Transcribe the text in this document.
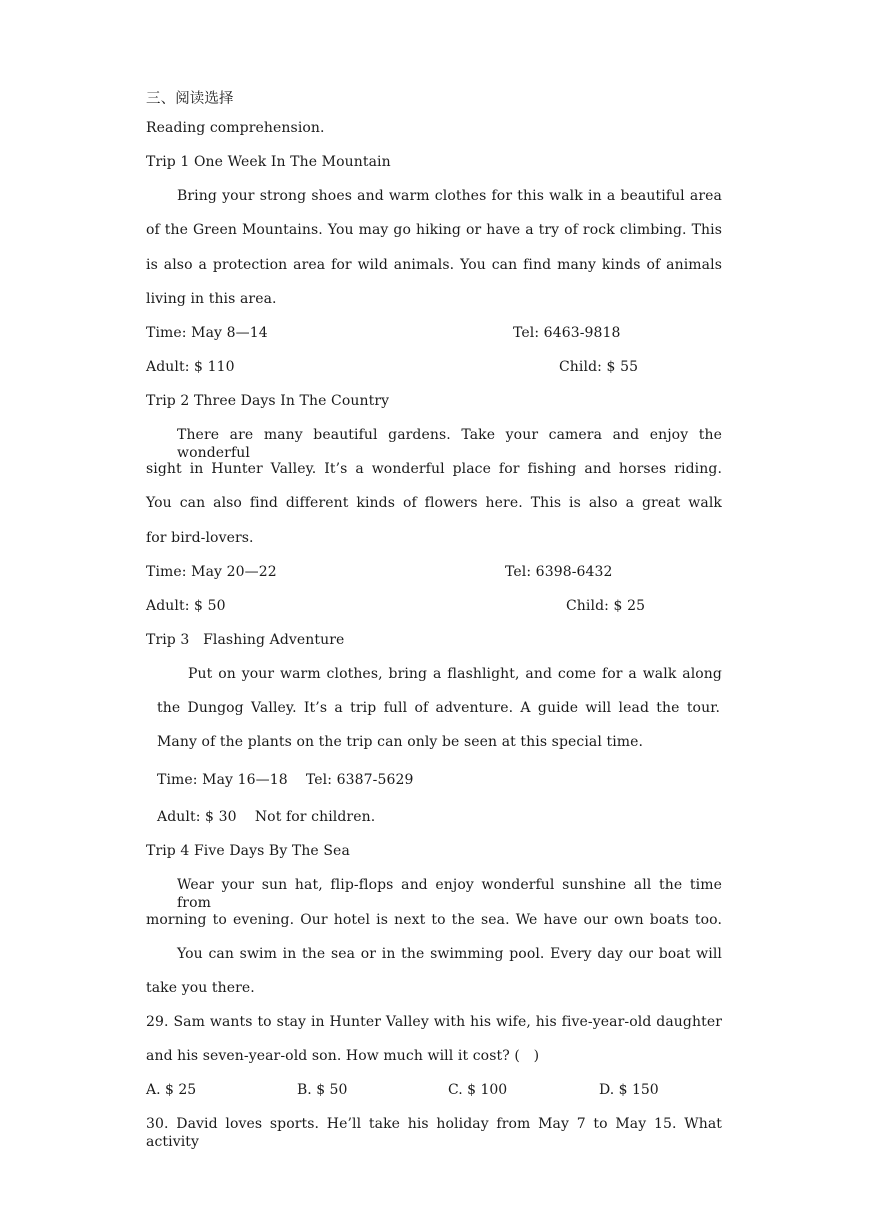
三、阅读选择

Reading comprehension.

Trip 1 One Week In The Mountain

Bring your strong shoes and warm clothes for this walk in a beautiful area

of the Green Mountains. You may go hiking or have a try of rock climbing. This

is also a protection area for wild animals. You can find many kinds of animals

living in this area.

Time: May 8—14	Tel: 6463-9818

Adult: $ 110	Child: $ 55

Trip 2 Three Days In The Country

There are many beautiful gardens. Take your camera and enjoy the wonderful

sight in Hunter Valley. It’s a wonderful place for fishing and horses riding.

You can also find different kinds of flowers here. This is also a great walk

for bird-lovers.

Time: May 20—22	Tel: 6398-6432

Adult: $ 50	Child: $ 25

Trip 3   Flashing Adventure

Put on your warm clothes, bring a flashlight, and come for a walk along

the Dungog Valley. It’s a trip full of adventure. A guide will lead the tour.

Many of the plants on the trip can only be seen at this special time.

Time: May 16—18    Tel: 6387-5629

Adult: $ 30    Not for children.

Trip 4 Five Days By The Sea

Wear your sun hat, flip-flops and enjoy wonderful sunshine all the time from

morning to evening. Our hotel is next to the sea. We have our own boats too.

You can swim in the sea or in the swimming pool. Every day our boat will

take you there.

29. Sam wants to stay in Hunter Valley with his wife, his five-year-old daughter

and his seven-year-old son. How much will it cost? (   )

A. $ 25	B. $ 50	C. $ 100	D. $ 150

30. David loves sports. He’ll take his holiday from May 7 to May 15. What activity
